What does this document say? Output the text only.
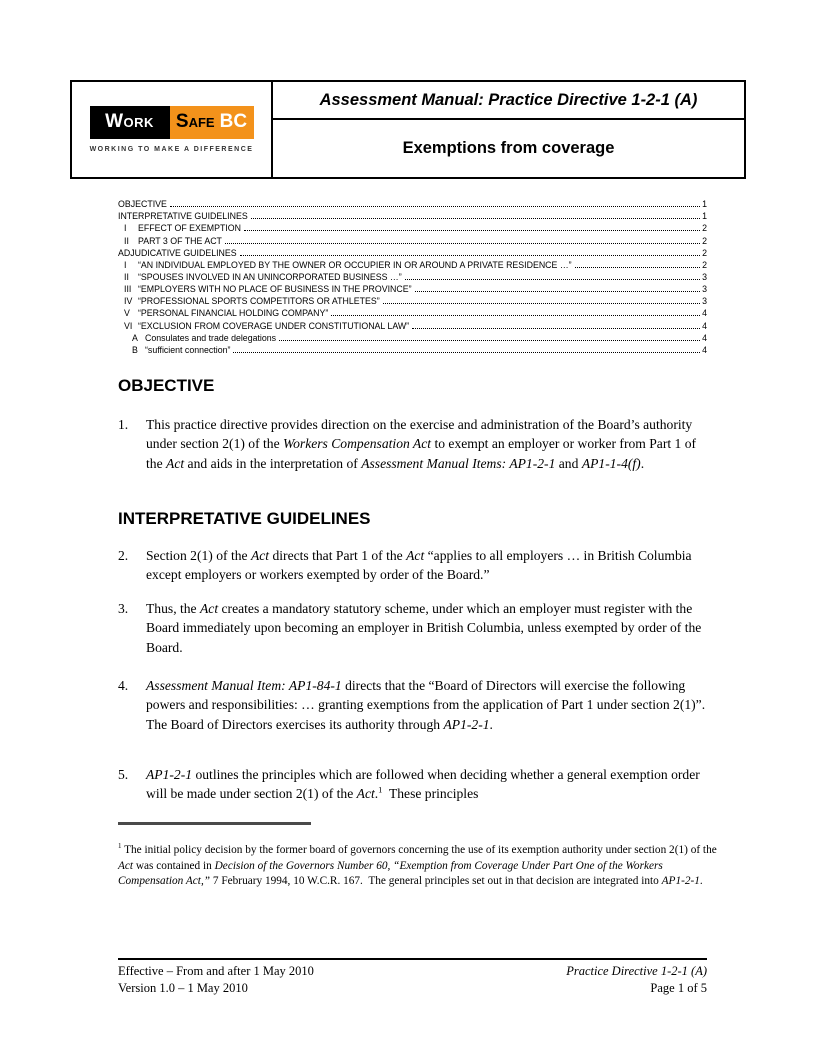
Work	Safe BC
WORKING TO MAKE A DIFFERENCE
Assessment Manual: Practice Directive 1-2-1 (A)
Exemptions from coverage
OBJECTIVE	1
INTERPRETATIVE GUIDELINES	1
I	EFFECT OF EXEMPTION	2
II	PART 3 OF THE ACT	2
ADJUDICATIVE GUIDELINES	2
I	“AN INDIVIDUAL EMPLOYED BY THE OWNER OR OCCUPIER IN OR AROUND A PRIVATE RESIDENCE …”	2
II	“SPOUSES INVOLVED IN AN UNINCORPORATED BUSINESS …”	3
III “EMPLOYERS WITH NO PLACE OF BUSINESS IN THE PROVINCE”	3
IV “PROFESSIONAL SPORTS COMPETITORS OR ATHLETES”	3
V “PERSONAL FINANCIAL HOLDING COMPANY”	4
VI “EXCLUSION FROM COVERAGE UNDER CONSTITUTIONAL LAW”	4
A Consulates and trade delegations	4
B “sufficient connection”	4
OBJECTIVE
1.	This practice directive provides direction on the exercise and administration of the Board’s authority under section 2(1) of the Workers Compensation Act to exempt an employer or worker from Part 1 of the Act and aids in the interpretation of Assessment Manual Items: AP1-2-1 and AP1-1-4(f).
INTERPRETATIVE GUIDELINES
2.	Section 2(1) of the Act directs that Part 1 of the Act “applies to all employers … in British Columbia except employers or workers exempted by order of the Board.”
3.	Thus, the Act creates a mandatory statutory scheme, under which an employer must register with the Board immediately upon becoming an employer in British Columbia, unless exempted by order of the Board.
4.	Assessment Manual Item: AP1-84-1 directs that the “Board of Directors will exercise the following powers and responsibilities: … granting exemptions from the application of Part 1 under section 2(1)”.  The Board of Directors exercises its authority through AP1-2-1.
5.	AP1-2-1 outlines the principles which are followed when deciding whether a general exemption order will be made under section 2(1) of the Act.$^1$  These principles
$^1$ The initial policy decision by the former board of governors concerning the use of its exemption authority under section 2(1) of the Act was contained in Decision of the Governors Number 60, “Exemption from Coverage Under Part One of the Workers Compensation Act,” 7 February 1994, 10 W.C.R. 167.  The general principles set out in that decision are integrated into AP1-2-1.
Effective – From and after 1 May 2010
Version 1.0 – 1 May 2010
Practice Directive 1-2-1 (A)
Page 1 of 5
